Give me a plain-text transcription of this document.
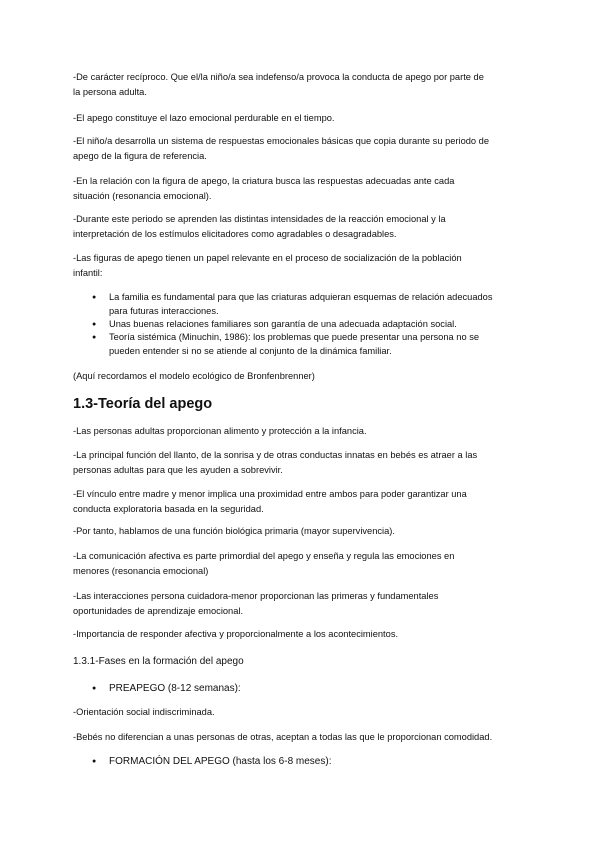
-De carácter recíproco. Que el/la niño/a sea indefenso/a provoca la conducta de apego por parte de
la persona adulta.
-El apego constituye el lazo emocional perdurable en el tiempo.
-El niño/a desarrolla un sistema de respuestas emocionales básicas que copia durante su periodo de
apego de la figura de referencia.
-En la relación con la figura de apego, la criatura busca las respuestas adecuadas ante cada
situación (resonancia emocional).
-Durante este periodo se aprenden las distintas intensidades de la reacción emocional y la
interpretación de los estímulos elicitadores como agradables o desagradables.
-Las figuras de apego tienen un papel relevante en el proceso de socialización de la población
infantil:
●	La familia es fundamental para que las criaturas adquieran esquemas de relación adecuados
para futuras interacciones.
●	Unas buenas relaciones familiares son garantía de una adecuada adaptación social.
●	Teoría sistémica (Minuchin, 1986): los problemas que puede presentar una persona no se
pueden entender si no se atiende al conjunto de la dinámica familiar.
(Aquí recordamos el modelo ecológico de Bronfenbrenner)
1.3-Teoría del apego
-Las personas adultas proporcionan alimento y protección a la infancia.
-La principal función del llanto, de la sonrisa y de otras conductas innatas en bebés es atraer a las
personas adultas para que les ayuden a sobrevivir.
-El vínculo entre madre y menor implica una proximidad entre ambos para poder garantizar una
conducta exploratoria basada en la seguridad.
-Por tanto, hablamos de una función biológica primaria (mayor supervivencia).
-La comunicación afectiva es parte primordial del apego y enseña y regula las emociones en
menores (resonancia emocional)
-Las interacciones persona cuidadora-menor proporcionan las primeras y fundamentales
oportunidades de aprendizaje emocional.
-Importancia de responder afectiva y proporcionalmente a los acontecimientos.
1.3.1-Fases en la formación del apego
●	PREAPEGO (8-12 semanas):
-Orientación social indiscriminada.
-Bebés no diferencian a unas personas de otras, aceptan a todas las que le proporcionan comodidad.
●	FORMACIÓN DEL APEGO (hasta los 6-8 meses):
